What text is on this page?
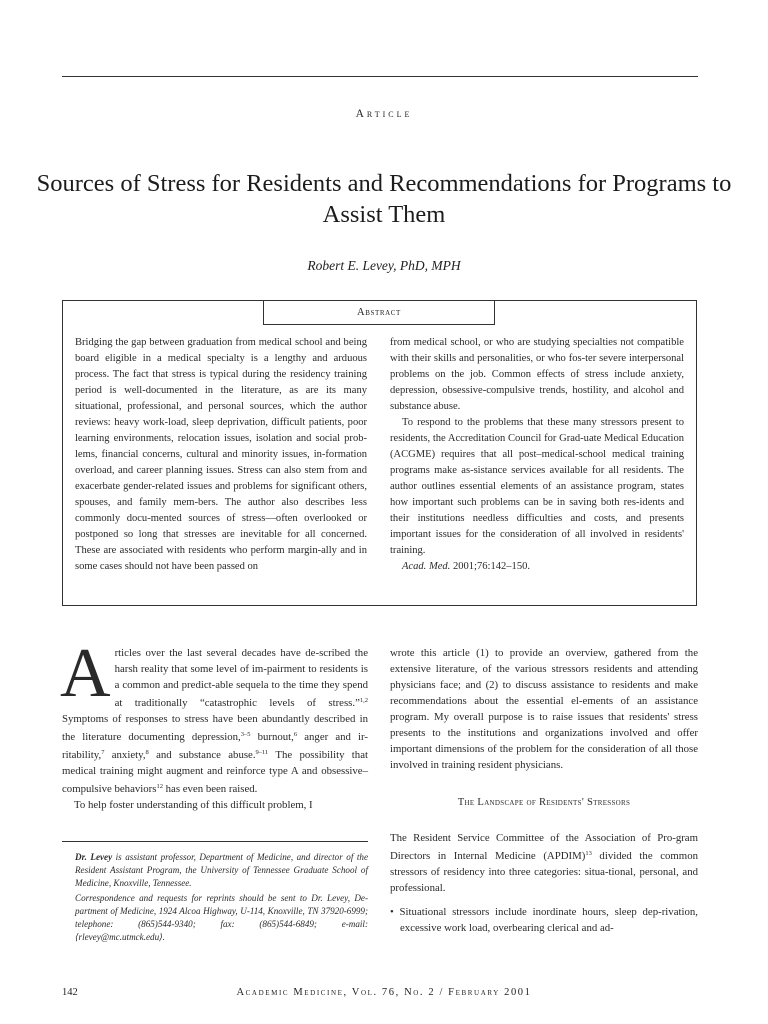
Article
Sources of Stress for Residents and Recommendations for Programs to Assist Them
Robert E. Levey, PhD, MPH
Abstract

Bridging the gap between graduation from medical school and being board eligible in a medical specialty is a lengthy and arduous process. The fact that stress is typical during the residency training period is well-documented in the literature, as are its many situational, professional, and personal sources, which the author reviews: heavy work-load, sleep deprivation, difficult patients, poor learning environments, relocation issues, isolation and social prob-lems, financial concerns, cultural and minority issues, in-formation overload, and career planning issues. Stress can also stem from and exacerbate gender-related issues and problems for significant others, spouses, and family mem-bers. The author also describes less commonly docu-mented sources of stress—often overlooked or postponed so long that stresses are inevitable for all concerned. These are associated with residents who perform margin-ally and in some cases should not have been passed on

from medical school, or who are studying specialties not compatible with their skills and personalities, or who fos-ter severe interpersonal problems on the job. Common effects of stress include anxiety, depression, obsessive-compulsive trends, hostility, and alcohol and substance abuse.

To respond to the problems that these many stressors present to residents, the Accreditation Council for Grad-uate Medical Education (ACGME) requires that all post–medical-school medical training programs make as-sistance services available for all residents. The author outlines essential elements of an assistance program, states how important such problems can be in saving both res-idents and their institutions needless difficulties and costs, and presents important issues for the consideration of all involved in residents' training.

Acad. Med. 2001;76:142–150.

Articles over the last several decades have de-scribed the harsh reality that some level of im-pairment to residents is a common and predict-able sequela to the time they spend at traditionally “catastrophic levels of stress.”$^{1,2}$ Symptoms of responses to stress have been abundantly described in the literature documenting depression,$^{3-5}$ burnout,$^6$ anger and ir-ritability,$^7$ anxiety,$^8$ and substance abuse.$^{9-11}$ The possibility that medical training might augment and reinforce type A and obsessive–compulsive behaviors$^{12}$ has even been raised.

To help foster understanding of this difficult problem, I

Dr. Levey is assistant professor, Department of Medicine, and director of the Resident Assistant Program, the University of Tennessee Graduate School of Medicine, Knoxville, Tennessee.

Correspondence and requests for reprints should be sent to Dr. Levey, De-partment of Medicine, 1924 Alcoa Highway, U-114, Knoxville, TN 37920-6999; telephone: (865)544-9340; fax: (865)544-6849; e-mail: ⟨rlevey@mc.utmck.edu⟩.

wrote this article (1) to provide an overview, gathered from the extensive literature, of the various stressors residents and attending physicians face; and (2) to discuss assistance to residents and make recommendations about the essential el-ements of an assistance program. My overall purpose is to raise issues that residents' stress presents to the institutions and organizations involved and offer important dimensions of the problem for the consideration of all those involved in training resident physicians.

The Landscape of Residents' Stressors

The Resident Service Committee of the Association of Pro-gram Directors in Internal Medicine (APDIM)$^{13}$ divided the common stressors of residency into three categories: situa-tional, personal, and professional.

• Situational stressors include inordinate hours, sleep dep-rivation, excessive work load, overbearing clerical and ad-

142	Academic Medicine, Vol. 76, No. 2 / February 2001
